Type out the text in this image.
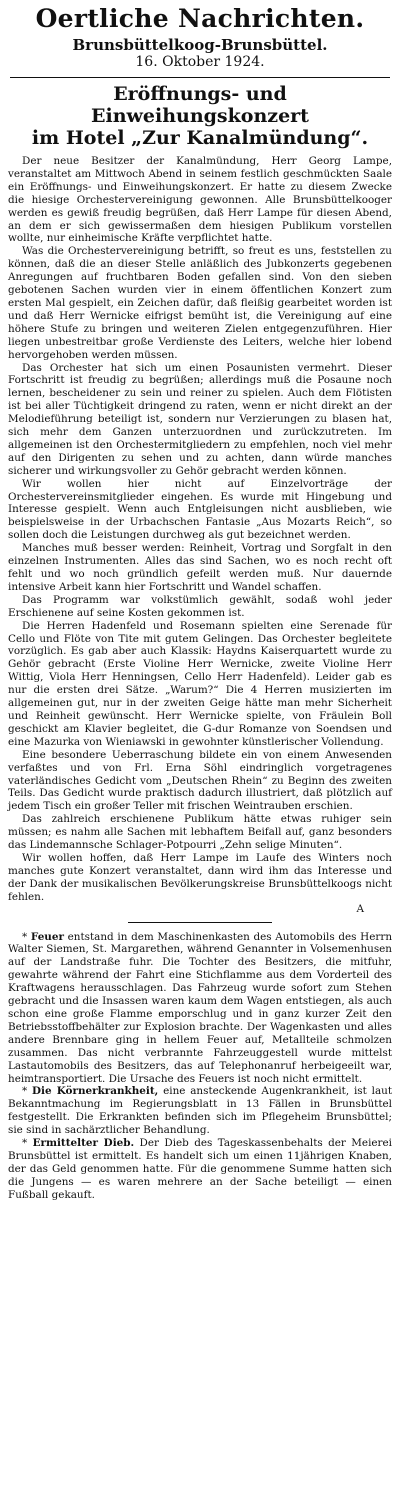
Oertliche Nachrichten.
Brunsbüttelkoog-Brunsbüttel.
16. Oktober 1924.
Eröffnungs- und Einweihungskonzert
im Hotel „Zur Kanalmündung“.

Der neue Besitzer der Kanalmündung, Herr Georg Lampe, veranstaltet am Mittwoch Abend in seinem festlich geschmückten Saale ein Eröffnungs- und Einweihungskonzert. Er hatte zu diesem Zwecke die hiesige Orchestervereinigung gewonnen. Alle Brunsbüttelkooger werden es gewiß freudig begrüßen, daß Herr Lampe für diesen Abend, an dem er sich gewissermaßen dem hiesigen Publikum vorstellen wollte, nur einheimische Kräfte verpflichtet hatte.

Was die Orchestervereinigung betrifft, so freut es uns, feststellen zu können, daß die an dieser Stelle anläßlich des Jubkonzerts gegebenen Anregungen auf fruchtbaren Boden gefallen sind. Von den sieben gebotenen Sachen wurden vier in einem öffentlichen Konzert zum ersten Mal gespielt, ein Zeichen dafür, daß fleißig gearbeitet worden ist und daß Herr Wernicke eifrigst bemüht ist, die Vereinigung auf eine höhere Stufe zu bringen und weiteren Zielen entgegenzuführen. Hier liegen unbestreitbar große Verdienste des Leiters, welche hier lobend hervorgehoben werden müssen.

Das Orchester hat sich um einen Posaunisten vermehrt. Dieser Fortschritt ist freudig zu begrüßen; allerdings muß die Posaune noch lernen, bescheidener zu sein und reiner zu spielen. Auch dem Flötisten ist bei aller Tüchtigkeit dringend zu raten, wenn er nicht direkt an der Melodieführung beteiligt ist, sondern nur Verzierungen zu blasen hat, sich mehr dem Ganzen unterzuordnen und zurückzutreten. Im allgemeinen ist den Orchestermitgliedern zu empfehlen, noch viel mehr auf den Dirigenten zu sehen und zu achten, dann würde manches sicherer und wirkungsvoller zu Gehör gebracht werden können.

Wir wollen hier nicht auf Einzelvorträge der Orchestervereinsmitglieder eingehen. Es wurde mit Hingebung und Interesse gespielt. Wenn auch Entgleisungen nicht ausblieben, wie beispielsweise in der Urbachschen Fantasie „Aus Mozarts Reich“, so sollen doch die Leistungen durchweg als gut bezeichnet werden.

Manches muß besser werden: Reinheit, Vortrag und Sorgfalt in den einzelnen Instrumenten. Alles das sind Sachen, wo es noch recht oft fehlt und wo noch gründlich gefeilt werden muß. Nur dauernde intensive Arbeit kann hier Fortschritt und Wandel schaffen.

Das Programm war volkstümlich gewählt, sodaß wohl jeder Erschienene auf seine Kosten gekommen ist.

Die Herren Hadenfeld und Rosemann spielten eine Serenade für Cello und Flöte von Tite mit gutem Gelingen. Das Orchester begleitete vorzüglich. Es gab aber auch Klassik: Haydns Kaiserquartett wurde zu Gehör gebracht (Erste Violine Herr Wernicke, zweite Violine Herr Wittig, Viola Herr Henningsen, Cello Herr Hadenfeld). Leider gab es nur die ersten drei Sätze. „Warum?“ Die 4 Herren musizierten im allgemeinen gut, nur in der zweiten Geige hätte man mehr Sicherheit und Reinheit gewünscht. Herr Wernicke spielte, von Fräulein Boll geschickt am Klavier begleitet, die G-dur Romanze von Soendsen und eine Mazurka von Wieniawski in gewohnter künstlerischer Vollendung.

Eine besondere Ueberraschung bildete ein von einem Anwesenden verfaßtes und von Frl. Erna Söhl eindringlich vorgetragenes vaterländisches Gedicht vom „Deutschen Rhein“ zu Beginn des zweiten Teils. Das Gedicht wurde praktisch dadurch illustriert, daß plötzlich auf jedem Tisch ein großer Teller mit frischen Weintrauben erschien.

Das zahlreich erschienene Publikum hätte etwas ruhiger sein müssen; es nahm alle Sachen mit lebhaftem Beifall auf, ganz besonders das Lindemannsche Schlager-Potpourri „Zehn selige Minuten“.

Wir wollen hoffen, daß Herr Lampe im Laufe des Winters noch manches gute Konzert veranstaltet, dann wird ihm das Interesse und der Dank der musikalischen Bevölkerungskreise Brunsbüttelkoogs nicht fehlen.

A

* Feuer entstand in dem Maschinenkasten des Automobils des Herrn Walter Siemen, St. Margarethen, während Genannter in Volsemenhusen auf der Landstraße fuhr. Die Tochter des Besitzers, die mitfuhr, gewahrte während der Fahrt eine Stichflamme aus dem Vorderteil des Kraftwagens herausschlagen. Das Fahrzeug wurde sofort zum Stehen gebracht und die Insassen waren kaum dem Wagen entstiegen, als auch schon eine große Flamme emporschlug und in ganz kurzer Zeit den Betriebsstoffbehälter zur Explosion brachte. Der Wagenkasten und alles andere Brennbare ging in hellem Feuer auf, Metallteile schmolzen zusammen. Das nicht verbrannte Fahrzeuggestell wurde mittelst Lastautomobils des Besitzers, das auf Telephonanruf herbeigeeilt war, heimtransportiert. Die Ursache des Feuers ist noch nicht ermittelt.

* Die Körnerkrankheit, eine ansteckende Augenkrankheit, ist laut Bekanntmachung im Regierungsblatt in 13 Fällen in Brunsbüttel festgestellt. Die Erkrankten befinden sich im Pflegeheim Brunsbüttel; sie sind in sachärztlicher Behandlung.

* Ermittelter Dieb. Der Dieb des Tageskassenbehalts der Meierei Brunsbüttel ist ermittelt. Es handelt sich um einen 11jährigen Knaben, der das Geld genommen hatte. Für die genommene Summe hatten sich die Jungens — es waren mehrere an der Sache beteiligt — einen Fußball gekauft.
